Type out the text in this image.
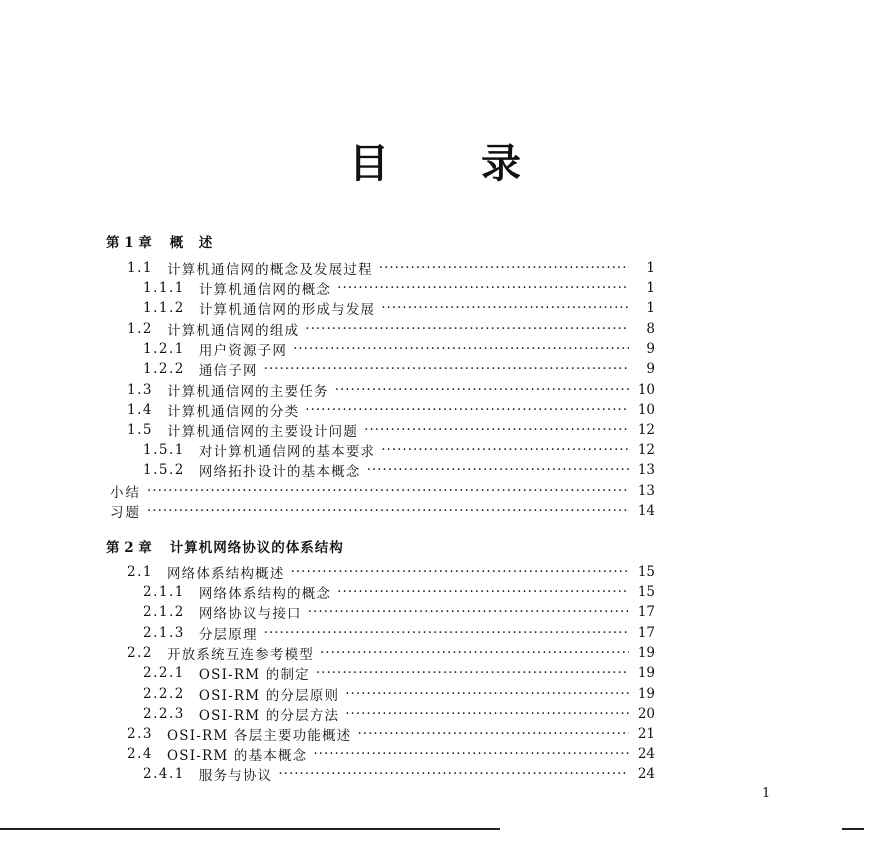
目 录
第 1 章 概　述
1.1 计算机通信网的概念及发展过程 ·····	1
1.1.1 计算机通信网的概念 ·····	1
1.1.2 计算机通信网的形成与发展 ·····	1
1.2 计算机通信网的组成 ·····	8
1.2.1 用户资源子网 ·····	9
1.2.2 通信子网 ·····	9
1.3 计算机通信网的主要任务 ·····	10
1.4 计算机通信网的分类 ·····	10
1.5 计算机通信网的主要设计问题 ·····	12
1.5.1 对计算机通信网的基本要求 ·····	12
1.5.2 网络拓扑设计的基本概念 ·····	13
小结 ·····	13
习题 ·····	14
第 2 章 计算机网络协议的体系结构
2.1 网络体系结构概述 ·····	15
2.1.1 网络体系结构的概念 ·····	15
2.1.2 网络协议与接口 ·····	17
2.1.3 分层原理 ·····	17
2.2 开放系统互连参考模型 ·····	19
2.2.1 OSI-RM 的制定 ·····	19
2.2.2 OSI-RM 的分层原则 ·····	19
2.2.3 OSI-RM 的分层方法 ·····	20
2.3 OSI-RM 各层主要功能概述 ·····	21
2.4 OSI-RM 的基本概念 ·····	24
2.4.1 服务与协议 ·····	24
1
